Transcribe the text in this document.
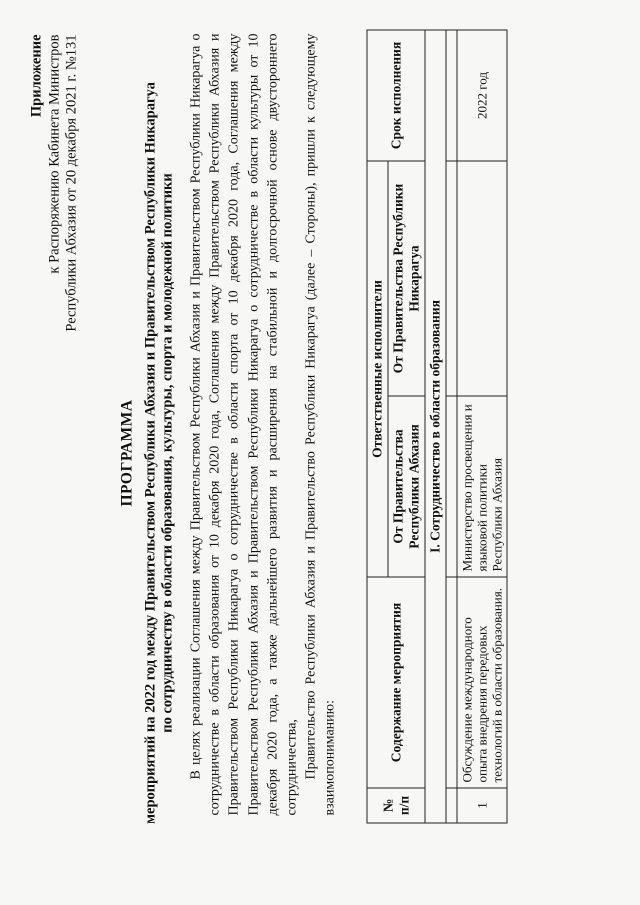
Приложение к Распоряжению Кабинета Министров Республики Абхазия от 20 декабря 2021 г. №131
ПРОГРАММА мероприятий на 2022 год между Правительством Республики Абхазия и Правительством Республики Никарагуа по сотрудничеству в области образования, культуры, спорта и молодежной политики В целях реализации Соглашения между Правительством Республики Абхазия и Правительством Республики Никарагуа о сотрудничестве в области образования от 10 декабря 2020 года, Соглашения между Правительством Республики Абхазия и Правительством Республики Никарагуа о сотрудничестве в области спорта от 10 декабря 2020 года, Соглашения между Правительством Республики Абхазия и Правительством Республики Никарагуа о сотрудничестве в области культуры от 10 декабря 2020 года, а также дальнейшего развития и расширения на стабильной и долгосрочной основе двустороннего сотрудничества, Правительство Республики Абхазия и Правительство Республики Никарагуа (далее – Стороны), пришли к следующему взаимопониманию:	№ п/п	Содержание мероприятия	Ответственные исполнители		Срок исполнения
		От Правительства Республики Абхазия	От Правительства Республики Никарагуа	
I. Сотрудничество в области образования				

1	Обсуждение международного опыта внедрения передовых технологий в области образования.	Министерство просвещения и языковой политики Республики Абхазия		2022 год
